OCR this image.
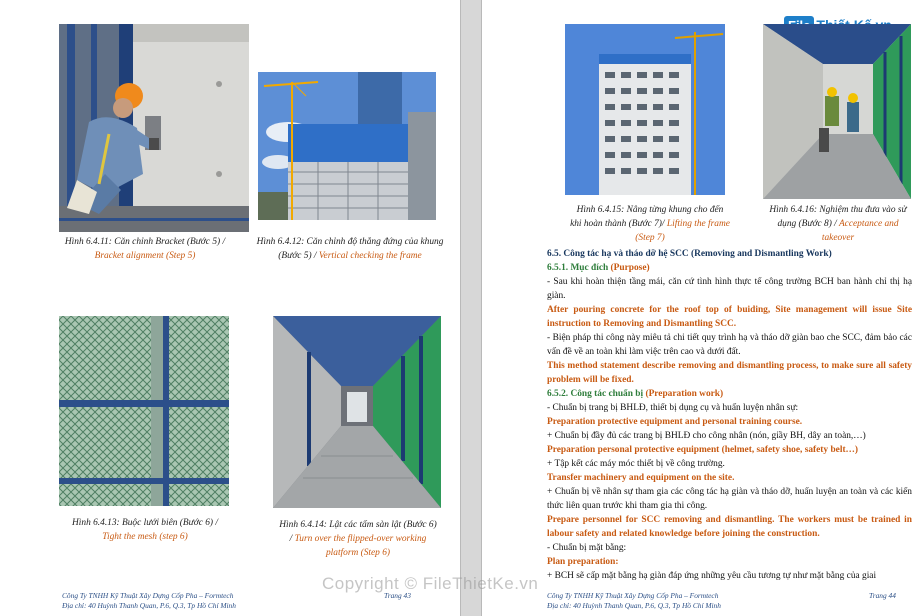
Hình 6.4.11: Căn chỉnh Bracket (Bước 5) /
Bracket alignment (Step 5)
Hình 6.4.12: Căn chỉnh độ thẳng đứng của khung (Bước 5) / Vertical checking the frame
Hình 6.4.13: Buộc lưới biên (Bước 6) /
Tight the mesh (step 6)
Hình 6.4.14: Lật các tấm sàn lật (Bước 6) / Turn over the flipped-over working platform (Step 6)
Công Ty TNHH Kỹ Thuật Xây Dựng Cốp Pha – Formtech
Địa chỉ: 40 Huỳnh Thanh Quan, P.6, Q.3, Tp Hồ Chí Minh
Trang 43
Hình 6.4.15: Nâng từng khung cho đến khi hoàn thành (Bước 7)/ Lifting the frame (Step 7)
Hình 6.4.16: Nghiệm thu đưa vào sử dụng (Bước 8) / Acceptance and takeover

6.5. Công tác hạ và tháo dỡ hệ SCC (Removing and Dismantling Work)

6.5.1. Mục đích (Purpose)

- Sau khi hoàn thiện tầng mái, căn cứ tình hình thực tế công trường BCH ban hành chỉ thị hạ giàn.

After pouring concrete for the roof top of buiding, Site management will issue Site instruction to Removing and Dismantling SCC.

- Biện pháp thi công này miêu tả chi tiết quy trình hạ và tháo dỡ giàn bao che SCC, đảm bảo các vấn đề về an toàn khi làm việc trên cao và dưới đất.

This method statement describe removing and dismantling process, to make sure all safety problem will be fixed.

6.5.2. Công tác chuẩn bị (Preparation work)

- Chuẩn bị trang bị BHLĐ, thiết bị dụng cụ và huấn luyện nhân sự:

Preparation protective equipment and personal training course.

+ Chuẩn bị đầy đủ các trang bị BHLĐ cho công nhân (nón, giầy BH, dây an toàn,…)

Preparation personal protective equipment (helmet, safety shoe, safety belt…)

+ Tập kết các máy móc thiết bị về công trường.

Transfer machinery and equipment on the site.

+ Chuẩn bị về nhân sự tham gia các công tác hạ giàn và tháo dỡ, huấn luyện an toàn và các kiến thức liên quan trước khi tham gia thi công.

Prepare personnel for SCC removing and dismantling. The workers must be trained in labour safety and related knowledge before joining the construction.

- Chuẩn bị mặt bằng:

Plan preparation:

+ BCH sẽ cấp mặt bằng hạ giàn đáp ứng những yêu cầu tương tự như mặt bằng của giai

Công Ty TNHH Kỹ Thuật Xây Dựng Cốp Pha – Formtech
Địa chỉ: 40 Huỳnh Thanh Quan, P.6, Q.3, Tp Hồ Chí Minh
Trang 44
Copyright © FileThietKe.vn
